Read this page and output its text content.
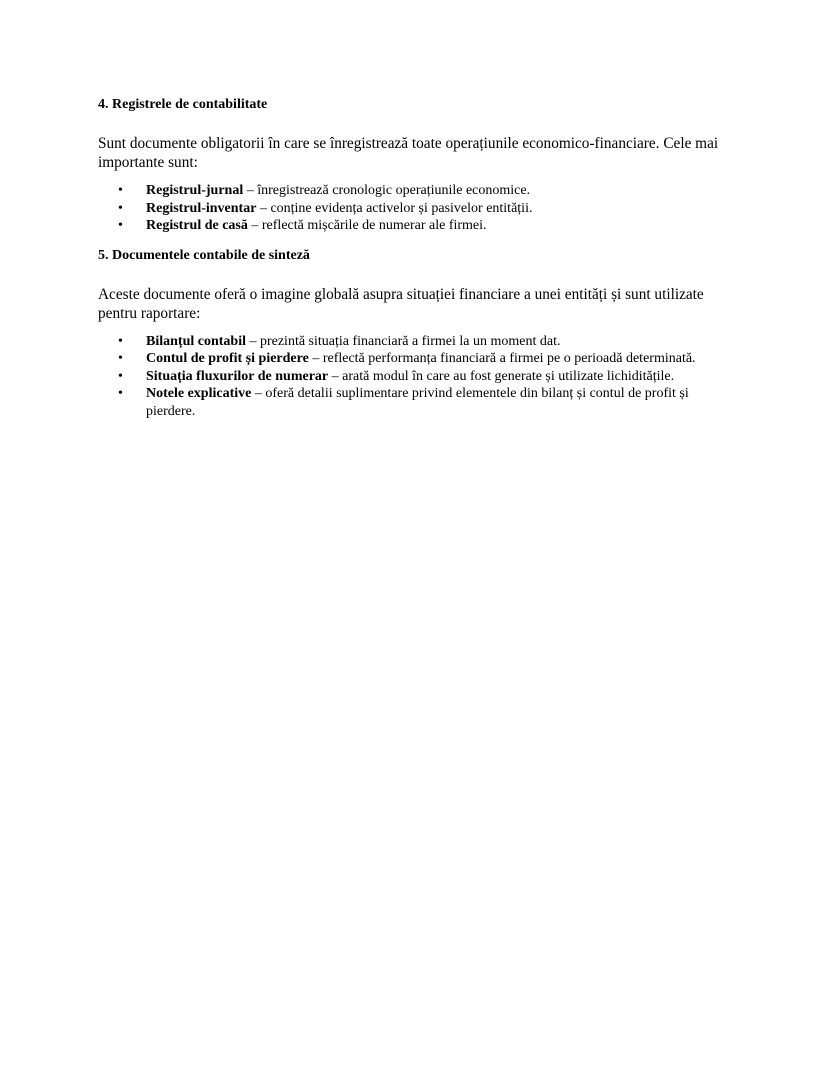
4. Registrele de contabilitate

Sunt documente obligatorii în care se înregistrează toate operațiunile economico-financiare. Cele mai importante sunt:

• Registrul-jurnal – înregistrează cronologic operațiunile economice.
• Registrul-inventar – conține evidența activelor și pasivelor entității.
• Registrul de casă – reflectă mișcările de numerar ale firmei.

5. Documentele contabile de sinteză

Aceste documente oferă o imagine globală asupra situației financiare a unei entități și sunt utilizate pentru raportare:

• Bilanțul contabil – prezintă situația financiară a firmei la un moment dat.
• Contul de profit și pierdere – reflectă performanța financiară a firmei pe o perioadă determinată.
• Situația fluxurilor de numerar – arată modul în care au fost generate și utilizate lichiditățile.
• Notele explicative – oferă detalii suplimentare privind elementele din bilanț și contul de profit și pierdere.
